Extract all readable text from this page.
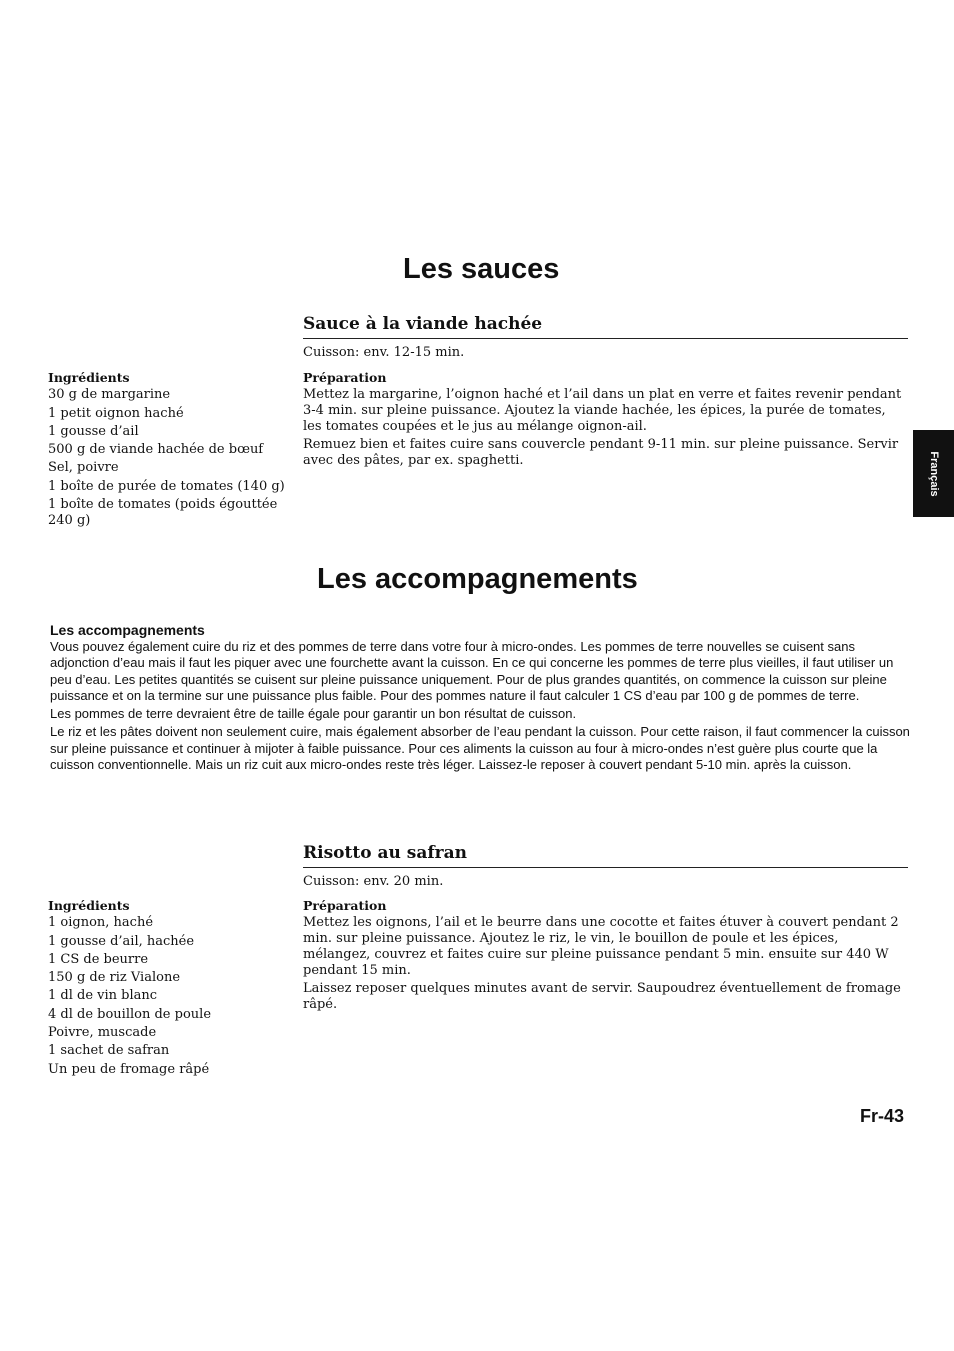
Les sauces
Sauce à la viande hachée
Cuisson: env. 12-15 min.
Ingrédients
30 g de margarine
1 petit oignon haché
1 gousse d’ail
500 g de viande hachée de bœuf
Sel, poivre
1 boîte de purée de tomates (140 g)
1 boîte de tomates (poids égouttée 240 g)
Préparation

Mettez la margarine, l’oignon haché et l’ail dans un plat en verre et faites revenir pendant 3-4 min. sur pleine puissance. Ajoutez la viande hachée, les épices, la purée de tomates, les tomates coupées et le jus au mélange oignon-ail.

Remuez bien et faites cuire sans couvercle pendant 9-11 min. sur pleine puissance. Servir avec des pâtes, par ex. spaghetti.	Français
Les accompagnements
Les accompagnements

Vous pouvez également cuire du riz et des pommes de terre dans votre four à micro-ondes. Les pommes de terre nouvelles se cuisent sans adjonction d’eau mais il faut les piquer avec une fourchette avant la cuisson. En ce qui concerne les pommes de terre plus vieilles, il faut utiliser un peu d’eau. Les petites quantités se cuisent sur pleine puissance uniquement. Pour de plus grandes quantités, on commence la cuisson sur pleine puissance et on la termine sur une puissance plus faible. Pour des pommes nature il faut calculer 1 CS d’eau par 100 g de pommes de terre.

Les pommes de terre devraient être de taille égale pour garantir un bon résultat de cuisson.

Le riz et les pâtes doivent non seulement cuire, mais également absorber de l’eau pendant la cuisson. Pour cette raison, il faut commencer la cuisson sur pleine puissance et continuer à mijoter à faible puissance. Pour ces aliments la cuisson au four à micro-ondes n’est guère plus courte que la cuisson conventionnelle. Mais un riz cuit aux micro-ondes reste très léger. Laissez-le reposer à couvert pendant 5-10 min. après la cuisson.

Risotto au safran
Cuisson: env. 20 min.
Ingrédients
1 oignon, haché
1 gousse d’ail, hachée
1 CS de beurre
150 g de riz Vialone
1 dl de vin blanc
4 dl de bouillon de poule
Poivre, muscade
1 sachet de safran
Un peu de fromage râpé
Préparation

Mettez les oignons, l’ail et le beurre dans une cocotte et faites étuver à couvert pendant 2 min. sur pleine puissance. Ajoutez le riz, le vin, le bouillon de poule et les épices, mélangez, couvrez et faites cuire sur pleine puissance pendant 5 min. ensuite sur 440 W pendant 15 min.

Laissez reposer quelques minutes avant de servir. Saupoudrez éventuellement de fromage râpé.

Fr-43
